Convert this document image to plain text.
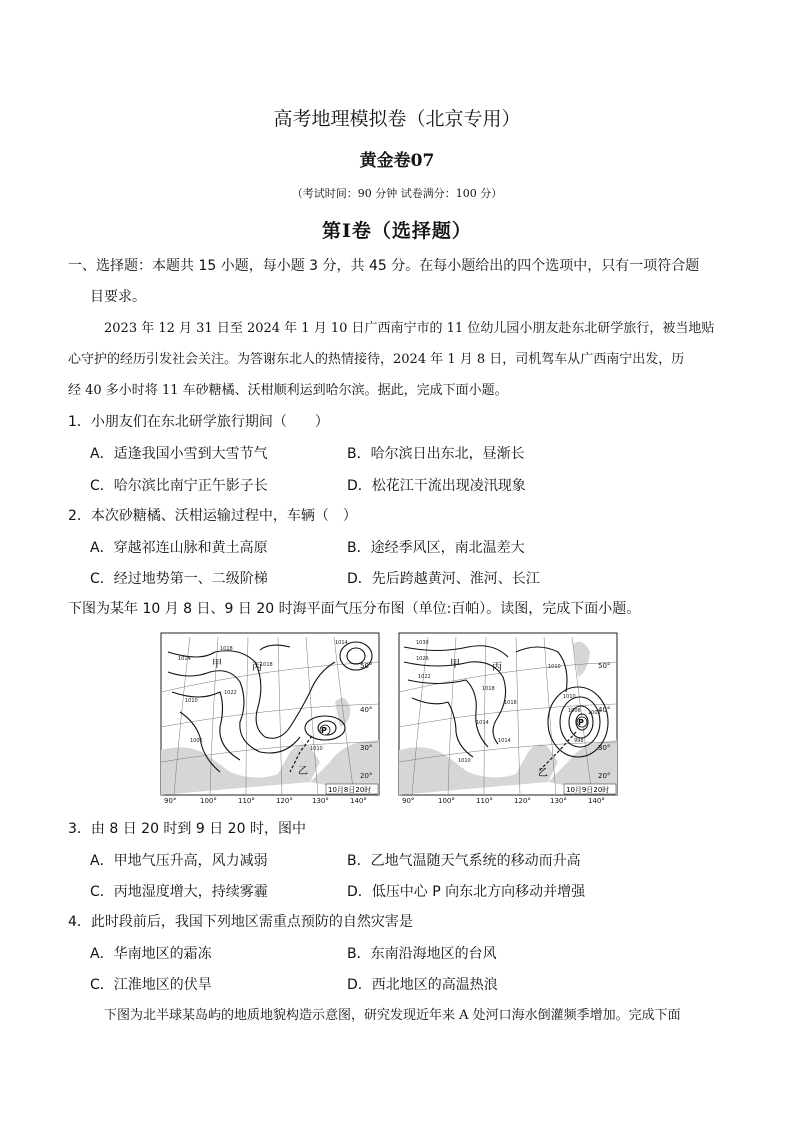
高考地理模拟卷（北京专用）
黄金卷07
（考试时间：90 分钟 试卷满分：100 分）
第Ⅰ卷（选择题）
一、选择题：本题共 15 小题，每小题 3 分，共 45 分。在每小题给出的四个选项中，只有一项符合题
目要求。
2023 年 12 月 31 日至 2024 年 1 月 10 日广西南宁市的 11 位幼儿园小朋友赴东北研学旅行，被当地贴
心守护的经历引发社会关注。为答谢东北人的热情接待，2024 年 1 月 8 日，司机驾车从广西南宁出发，历
经 40 多小时将 11 车砂糖橘、沃柑顺利运到哈尔滨。据此，完成下面小题。
1．小朋友们在东北研学旅行期间（　　）
A．适逢我国小雪到大雪节气	B．哈尔滨日出东北，昼渐长
C．哈尔滨比南宁正午影子长	D．松花江干流出现凌汛现象
2．本次砂糖橘、沃柑运输过程中，车辆（　）
A．穿越祁连山脉和黄土高原	B．途经季风区，南北温差大
C．经过地势第一、二级阶梯	D．先后跨越黄河、淮河、长江
下图为某年 10 月 8 日、9 日 20 时海平面气压分布图（单位:百帕）。读图，完成下面小题。
甲	丙
P
乙
1014
1018
1022
1010
1006
1018
1010
1014
10月8日20时
50°
40°
30°
20°
90°	100°	110°	120°	130°	140°
甲	丙
P
乙
1030
1026
1022
1018
1014
1010
1006 1002
998
1018
1014
1010
1010
10月9日20时
50°
40°
30°
20°
90°	100°	110°	120°	130°	140°
3．由 8 日 20 时到 9 日 20 时，图中
A．甲地气压升高，风力减弱	B．乙地气温随天气系统的移动而升高
C．丙地湿度增大，持续雾霾	D．低压中心 P 向东北方向移动并增强
4．此时段前后，我国下列地区需重点预防的自然灾害是
A．华南地区的霜冻	B．东南沿海地区的台风
C．江淮地区的伏旱	D．西北地区的高温热浪
下图为北半球某岛屿的地质地貌构造示意图，研究发现近年来 A 处河口海水倒灌频季增加。完成下面
